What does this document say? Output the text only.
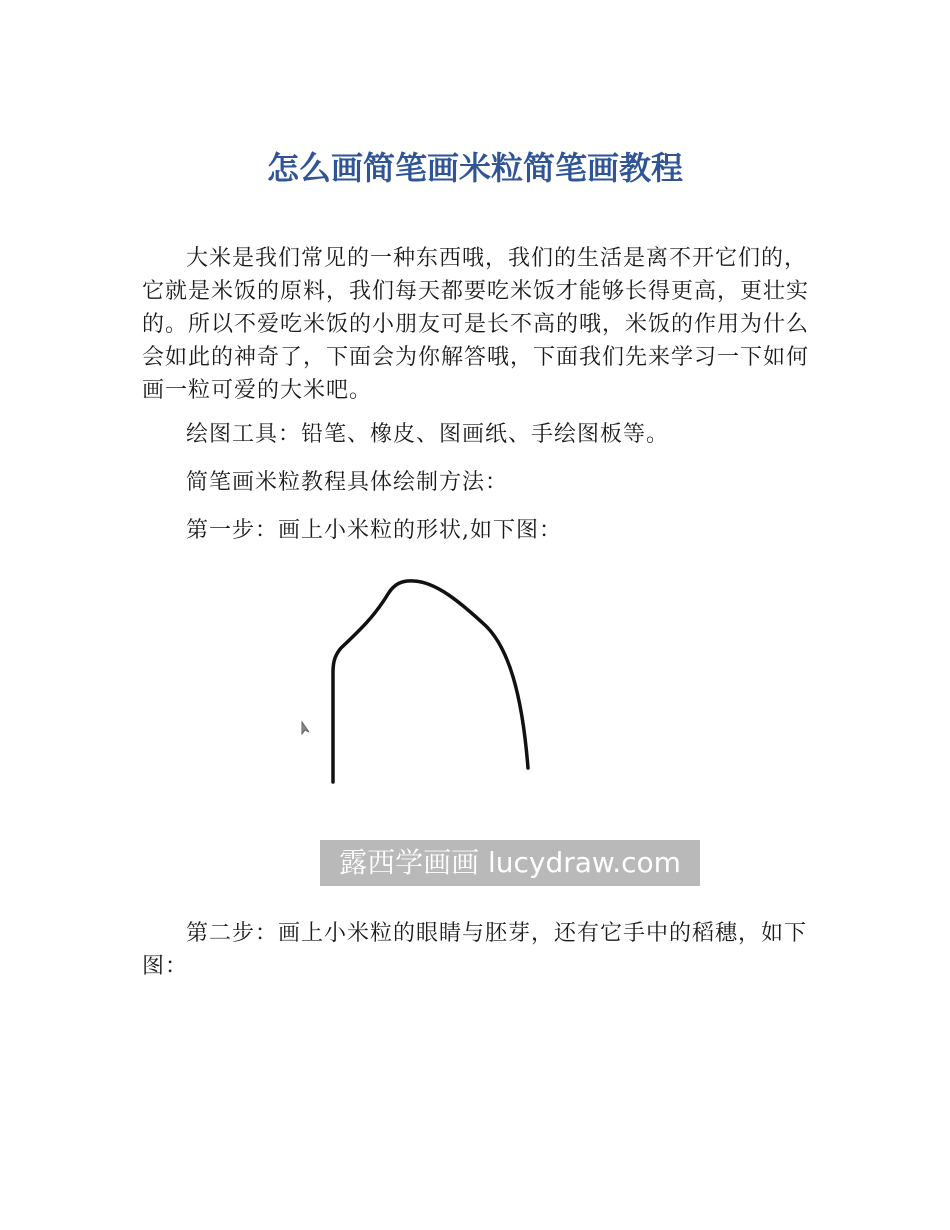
怎么画简笔画米粒简笔画教程

大米是我们常见的一种东西哦，我们的生活是离不开它们的，它就是米饭的原料，我们每天都要吃米饭才能够长得更高，更壮实的。所以不爱吃米饭的小朋友可是长不高的哦，米饭的作用为什么会如此的神奇了，下面会为你解答哦，下面我们先来学习一下如何画一粒可爱的大米吧。

绘图工具：铅笔、橡皮、图画纸、手绘图板等。

简笔画米粒教程具体绘制方法：

第一步：画上小米粒的形状,如下图：

露西学画画 lucydraw.com

第二步：画上小米粒的眼睛与胚芽，还有它手中的稻穗，如下图：
